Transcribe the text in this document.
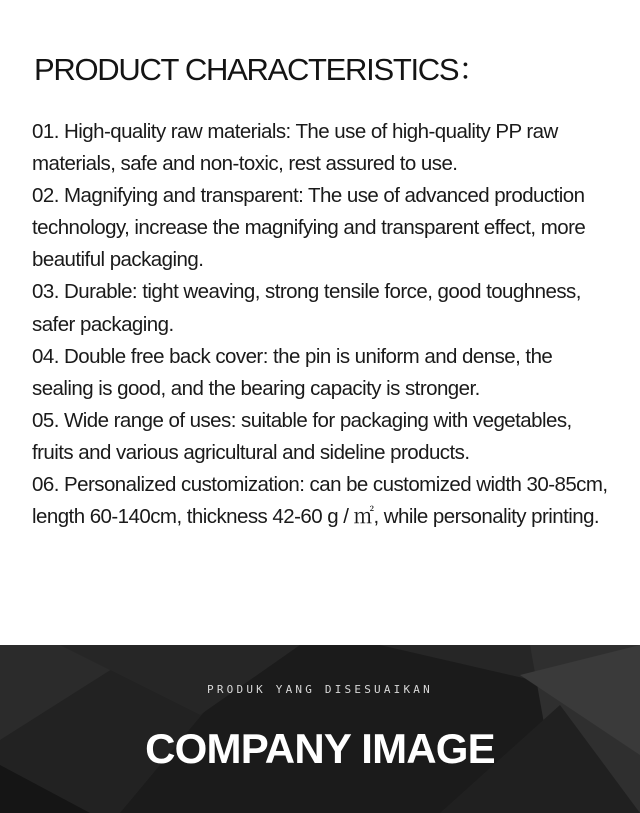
PRODUCT CHARACTERISTICS：
01. High-quality raw materials: The use of high-quality PP raw materials, safe and non-toxic, rest assured to use.
02. Magnifying and transparent: The use of advanced production technology, increase the magnifying and transparent effect, more beautiful packaging.
03. Durable: tight weaving, strong tensile force, good toughness, safer packaging.
04. Double free back cover: the pin is uniform and dense, the sealing is good, and the bearing capacity is stronger.
05. Wide range of uses: suitable for packaging with vegetables, fruits and various agricultural and sideline products.
06. Personalized customization: can be customized width 30-85cm, length 60-140cm, thickness 42-60 g / ㎡, while personality printing.
PRODUK YANG DISESUAIKAN
COMPANY IMAGE
